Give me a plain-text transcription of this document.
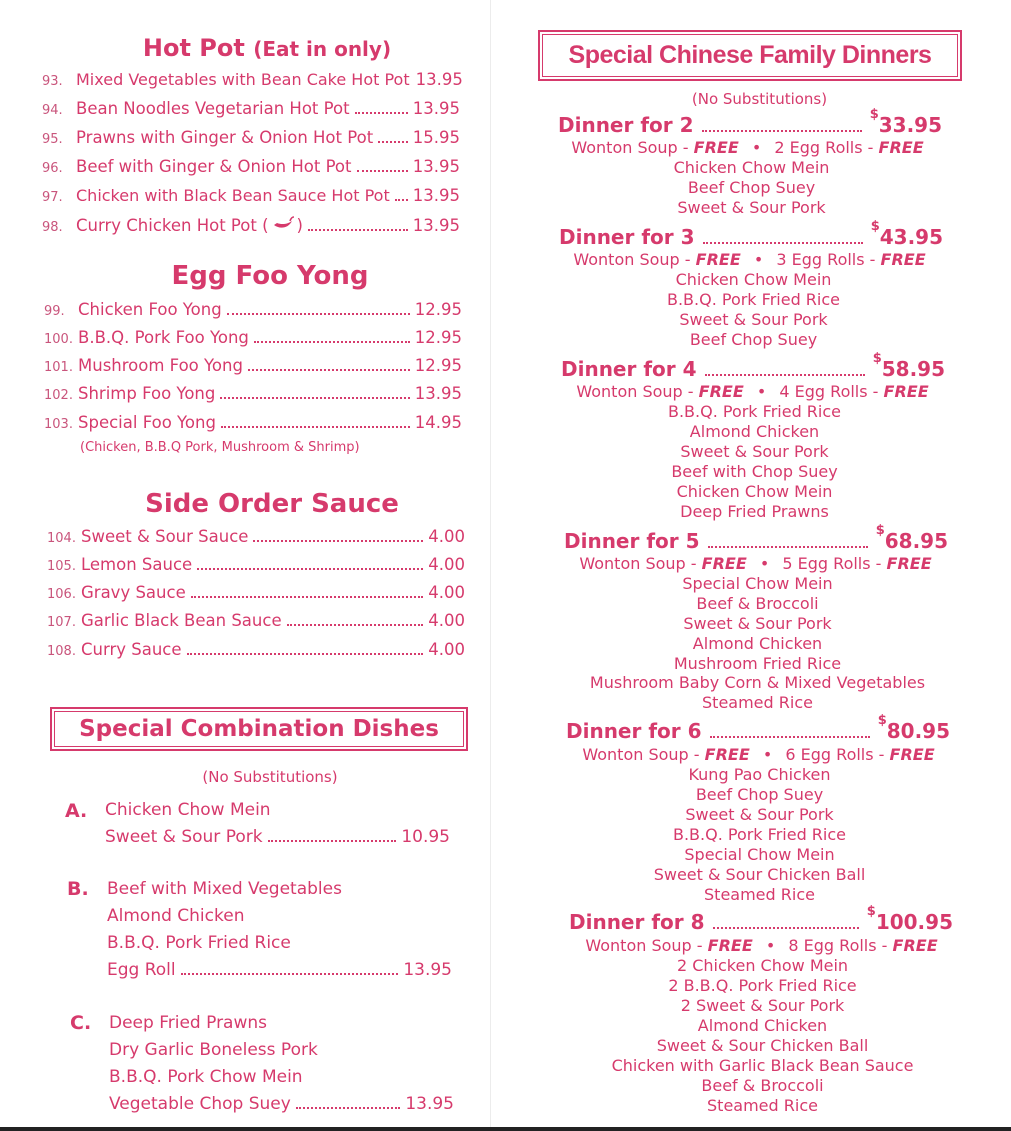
Hot Pot (Eat in only)
93. Mixed Vegetables with Bean Cake Hot Pot 13.95
94. Bean Noodles Vegetarian Hot Pot	13.95
95. Prawns with Ginger & Onion Hot Pot 15.95
96. Beef with Ginger & Onion Hot Pot	13.95
97. Chicken with Black Bean Sauce Hot Pot 13.95
98. Curry Chicken Hot Pot ( )	13.95
Egg Foo Yong
99. Chicken Foo Yong	12.95
100. B.B.Q. Pork Foo Yong	12.95
101. Mushroom Foo Yong	12.95
102. Shrimp Foo Yong	13.95
103. Special Foo Yong	14.95
(Chicken, B.B.Q Pork, Mushroom & Shrimp)
Side Order Sauce
104. Sweet & Sour Sauce	4.00
105. Lemon Sauce	4.00
106. Gravy Sauce	4.00
107. Garlic Black Bean Sauce	4.00
108. Curry Sauce	4.00
Special Combination Dishes
(No Substitutions)
A. Chicken Chow Mein
Sweet & Sour Pork	10.95
B. Beef with Mixed Vegetables
Almond Chicken
B.B.Q. Pork Fried Rice
Egg Roll	13.95
C. Deep Fried Prawns
Dry Garlic Boneless Pork
B.B.Q. Pork Chow Mein
Vegetable Chop Suey	13.95
Special Chinese Family Dinners
(No Substitutions)
Dinner for 2	$33.95
Wonton Soup - FREE • 2 Egg Rolls - FREE
Chicken Chow Mein
Beef Chop Suey
Sweet & Sour Pork
Dinner for 3	$43.95
Wonton Soup - FREE • 3 Egg Rolls - FREE
Chicken Chow Mein
B.B.Q. Pork Fried Rice
Sweet & Sour Pork
Beef Chop Suey
Dinner for 4	$58.95
Wonton Soup - FREE • 4 Egg Rolls - FREE
B.B.Q. Pork Fried Rice
Almond Chicken
Sweet & Sour Pork
Beef with Chop Suey
Chicken Chow Mein
Deep Fried Prawns
Dinner for 5	$68.95
Wonton Soup - FREE • 5 Egg Rolls - FREE
Special Chow Mein
Beef & Broccoli
Sweet & Sour Pork
Almond Chicken
Mushroom Fried Rice
Mushroom Baby Corn & Mixed Vegetables
Steamed Rice
Dinner for 6	$80.95
Wonton Soup - FREE • 6 Egg Rolls - FREE
Kung Pao Chicken
Beef Chop Suey
Sweet & Sour Pork
B.B.Q. Pork Fried Rice
Special Chow Mein
Sweet & Sour Chicken Ball
Steamed Rice
Dinner for 8	$100.95
Wonton Soup - FREE • 8 Egg Rolls - FREE
2 Chicken Chow Mein
2 B.B.Q. Pork Fried Rice
2 Sweet & Sour Pork
Almond Chicken
Sweet & Sour Chicken Ball
Chicken with Garlic Black Bean Sauce
Beef & Broccoli
Steamed Rice
